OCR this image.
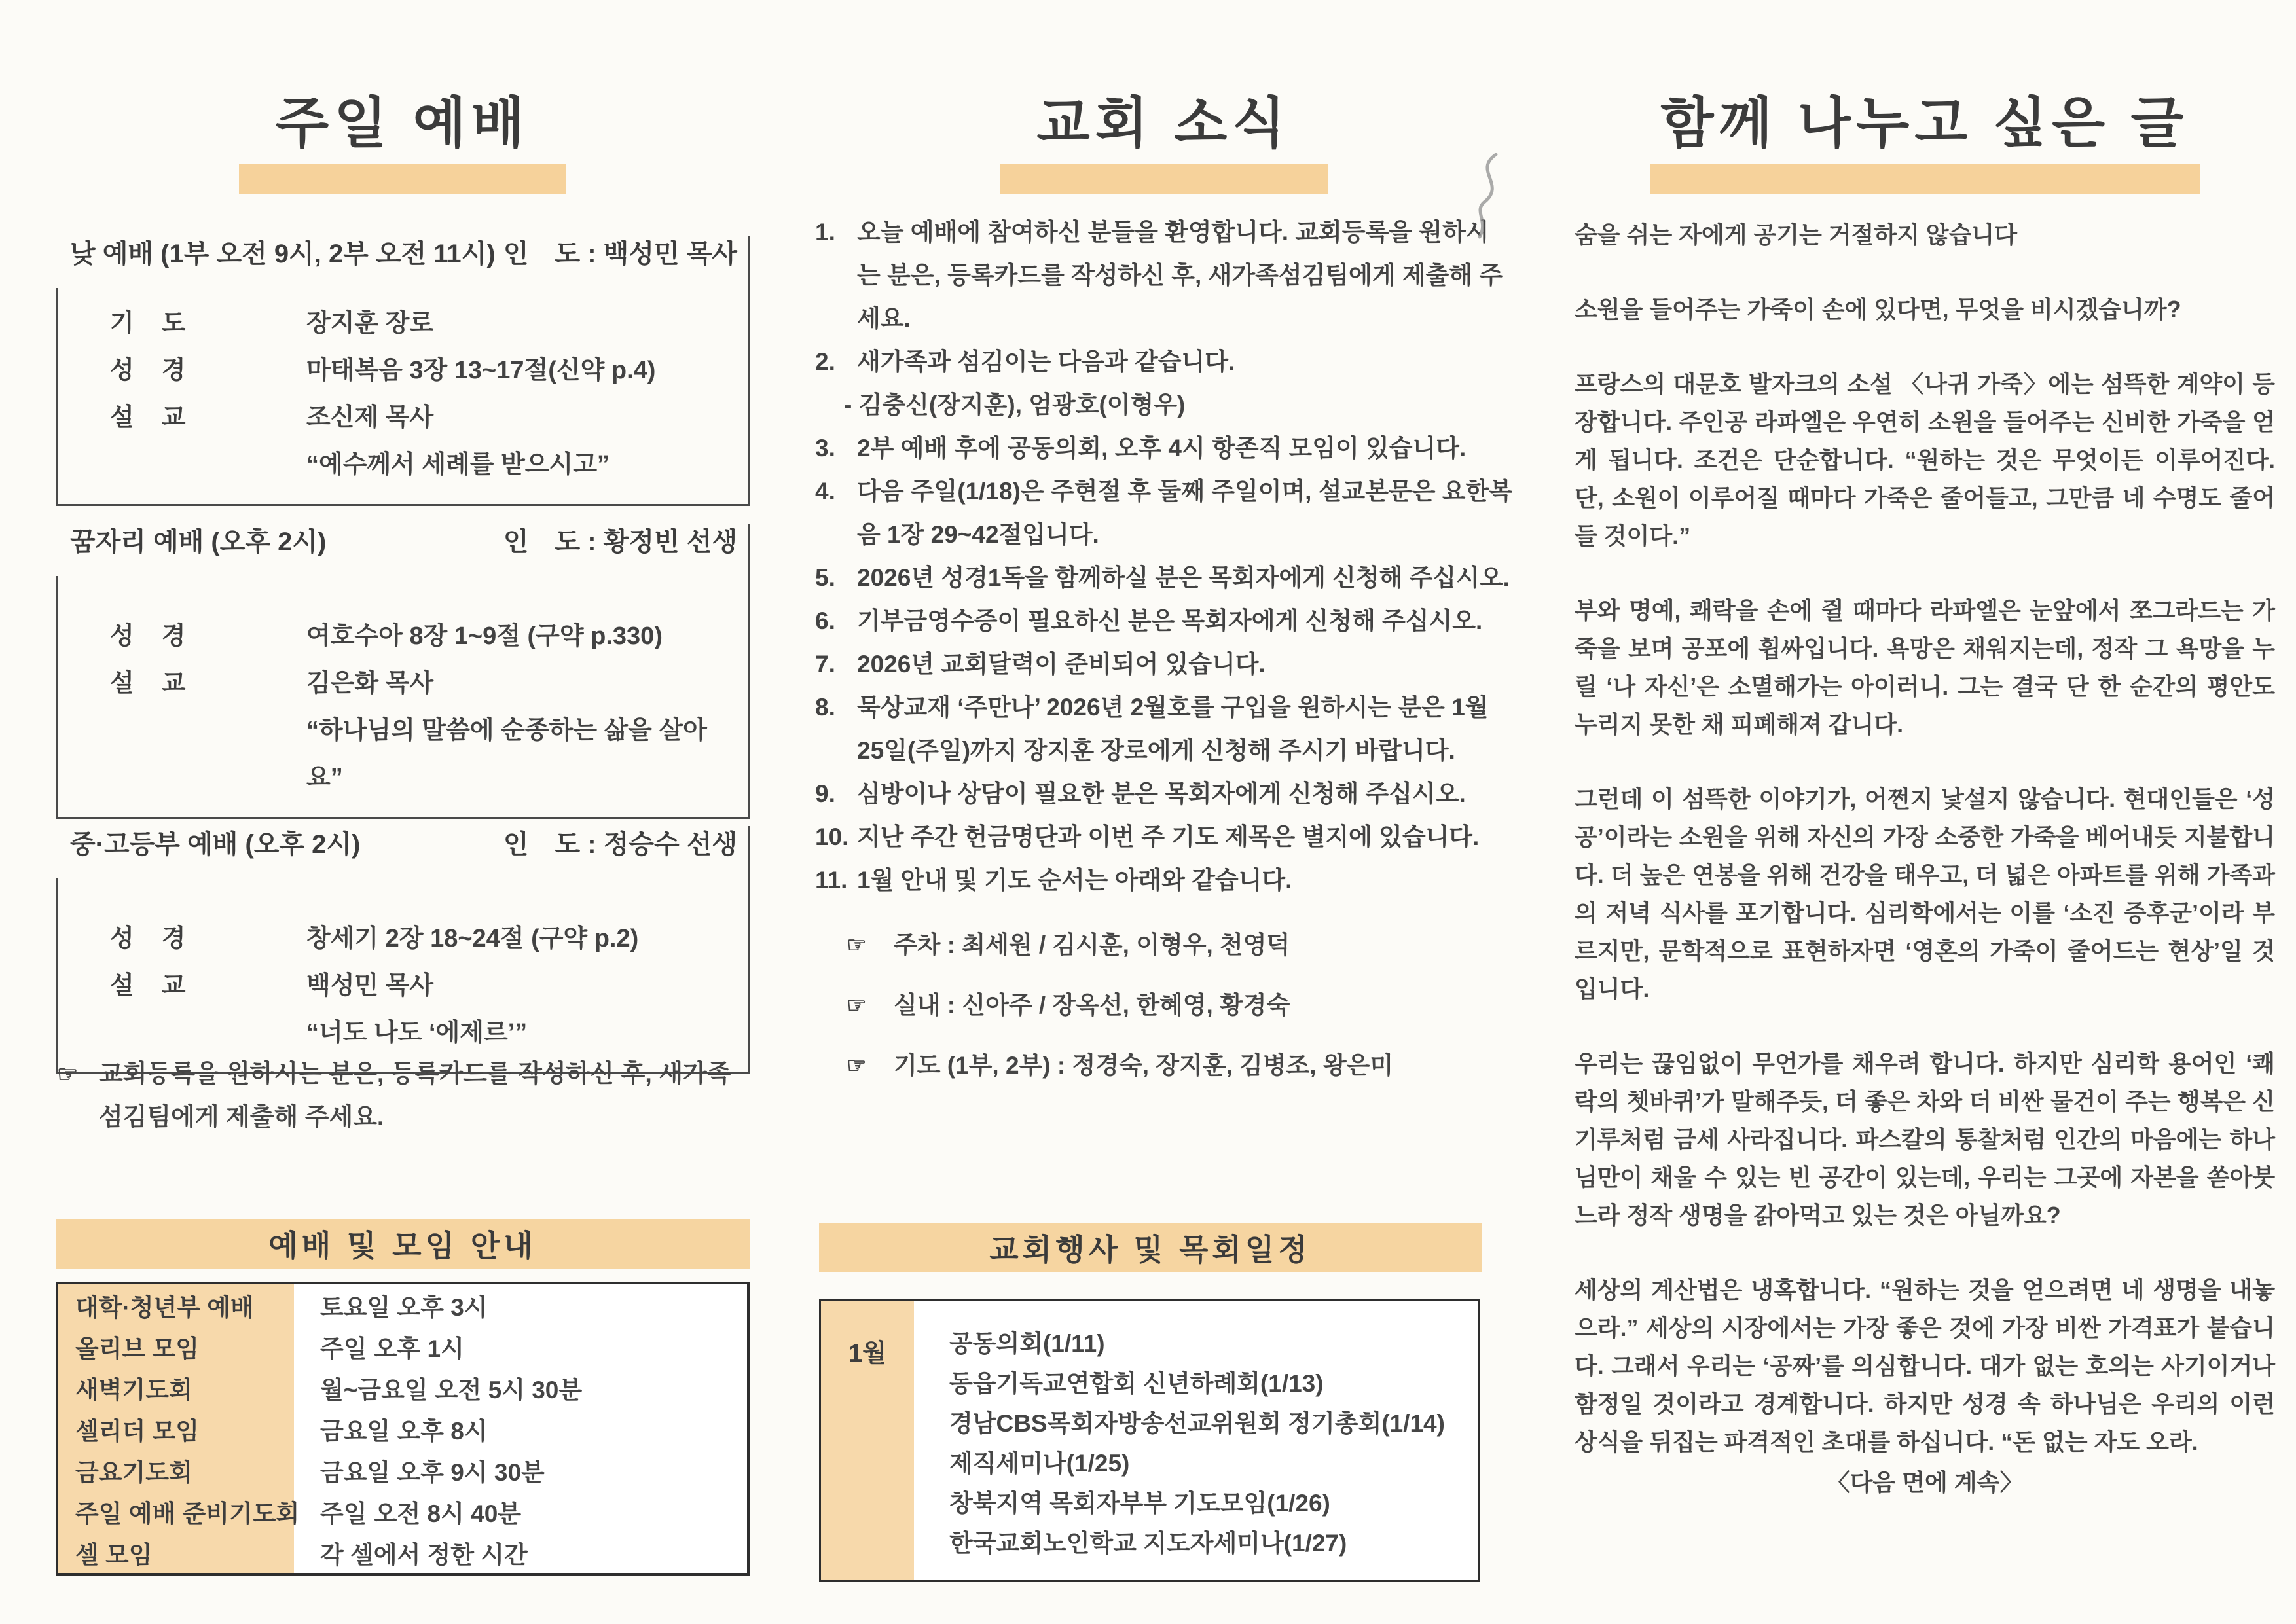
주일 예배
낮 예배 (1부 오전 9시, 2부 오전 11시) 인　도 : 백성민 목사
기　도	장지훈 장로
성　경	마태복음 3장 13~17절(신약 p.4)
설　교	조신제 목사
“예수께서 세례를 받으시고”
꿈자리 예배 (오후 2시)	인　도 : 황정빈 선생
성　경	여호수아 8장 1~9절 (구약 p.330)
설　교	김은화 목사
“하나님의 말씀에 순종하는 삶을 살아요”
중·고등부 예배 (오후 2시)	인　도 : 정승수 선생
성　경	창세기 2장 18~24절 (구약 p.2)
설　교	백성민 목사
“너도 나도 ‘에제르’”
☞ 교회등록을 원하시는 분은, 등록카드를 작성하신 후, 새가족 섬김팀에게 제출해 주세요.
예배 및 모임 안내
대학·청년부 예배	토요일 오후 3시
올리브 모임	주일 오후 1시
새벽기도회	월~금요일 오전 5시 30분
셀리더 모임	금요일 오후 8시
금요기도회	금요일 오후 9시 30분
주일 예배 준비기도회 주일 오전 8시 40분
셀 모임	각 셀에서 정한 시간
교회 소식
1. 오늘 예배에 참여하신 분들을 환영합니다. 교회등록을 원하시는 분은, 등록카드를 작성하신 후, 새가족섬김팀에게 제출해 주세요.
2. 새가족과 섬김이는 다음과 같습니다.
- 김충신(장지훈), 엄광호(이형우)
3. 2부 예배 후에 공동의회, 오후 4시 항존직 모임이 있습니다.
4. 다음 주일(1/18)은 주현절 후 둘째 주일이며, 설교본문은 요한복음 1장 29~42절입니다.
5. 2026년 성경1독을 함께하실 분은 목회자에게 신청해 주십시오.
6. 기부금영수증이 필요하신 분은 목회자에게 신청해 주십시오.
7. 2026년 교회달력이 준비되어 있습니다.
8. 묵상교재 ‘주만나’ 2026년 2월호를 구입을 원하시는 분은 1월 25일(주일)까지 장지훈 장로에게 신청해 주시기 바랍니다.
9. 심방이나 상담이 필요한 분은 목회자에게 신청해 주십시오.
10. 지난 주간 헌금명단과 이번 주 기도 제목은 별지에 있습니다.
11. 1월 안내 및 기도 순서는 아래와 같습니다.
☞	주차 : 최세원 / 김시훈, 이형우, 천영덕
☞	실내 : 신아주 / 장옥선, 한혜영, 황경숙
☞	기도 (1부, 2부) : 정경숙, 장지훈, 김병조, 왕은미
교회행사 및 목회일정
1월	공동의회(1/11)
동읍기독교연합회 신년하례회(1/13)
경남CBS목회자방송선교위원회 정기총회(1/14)
제직세미나(1/25)
창북지역 목회자부부 기도모임(1/26)
한국교회노인학교 지도자세미나(1/27)
함께 나누고 싶은 글

숨을 쉬는 자에게 공기는 거절하지 않습니다

소원을 들어주는 가죽이 손에 있다면, 무엇을 비시겠습니까?

프랑스의 대문호 발자크의 소설 〈나귀 가죽〉에는 섬뜩한 계약이 등장합니다. 주인공 라파엘은 우연히 소원을 들어주는 신비한 가죽을 얻게 됩니다. 조건은 단순합니다. “원하는 것은 무엇이든 이루어진다. 단, 소원이 이루어질 때마다 가죽은 줄어들고, 그만큼 네 수명도 줄어들 것이다.”

부와 명예, 쾌락을 손에 쥘 때마다 라파엘은 눈앞에서 쪼그라드는 가죽을 보며 공포에 휩싸입니다. 욕망은 채워지는데, 정작 그 욕망을 누릴 ‘나 자신’은 소멸해가는 아이러니. 그는 결국 단 한 순간의 평안도 누리지 못한 채 피폐해져 갑니다.

그런데 이 섬뜩한 이야기가, 어쩐지 낯설지 않습니다. 현대인들은 ‘성공’이라는 소원을 위해 자신의 가장 소중한 가죽을 베어내듯 지불합니다. 더 높은 연봉을 위해 건강을 태우고, 더 넓은 아파트를 위해 가족과의 저녁 식사를 포기합니다. 심리학에서는 이를 ‘소진 증후군’이라 부르지만, 문학적으로 표현하자면 ‘영혼의 가죽이 줄어드는 현상’일 것입니다.

우리는 끊임없이 무언가를 채우려 합니다. 하지만 심리학 용어인 ‘쾌락의 쳇바퀴’가 말해주듯, 더 좋은 차와 더 비싼 물건이 주는 행복은 신기루처럼 금세 사라집니다. 파스칼의 통찰처럼 인간의 마음에는 하나님만이 채울 수 있는 빈 공간이 있는데, 우리는 그곳에 자본을 쏟아붓느라 정작 생명을 갉아먹고 있는 것은 아닐까요?

세상의 계산법은 냉혹합니다. “원하는 것을 얻으려면 네 생명을 내놓으라.” 세상의 시장에서는 가장 좋은 것에 가장 비싼 가격표가 붙습니다. 그래서 우리는 ‘공짜’를 의심합니다. 대가 없는 호의는 사기이거나 함정일 것이라고 경계합니다. 하지만 성경 속 하나님은 우리의 이런 상식을 뒤집는 파격적인 초대를 하십니다. “돈 없는 자도 오라.

〈다음 면에 계속〉
